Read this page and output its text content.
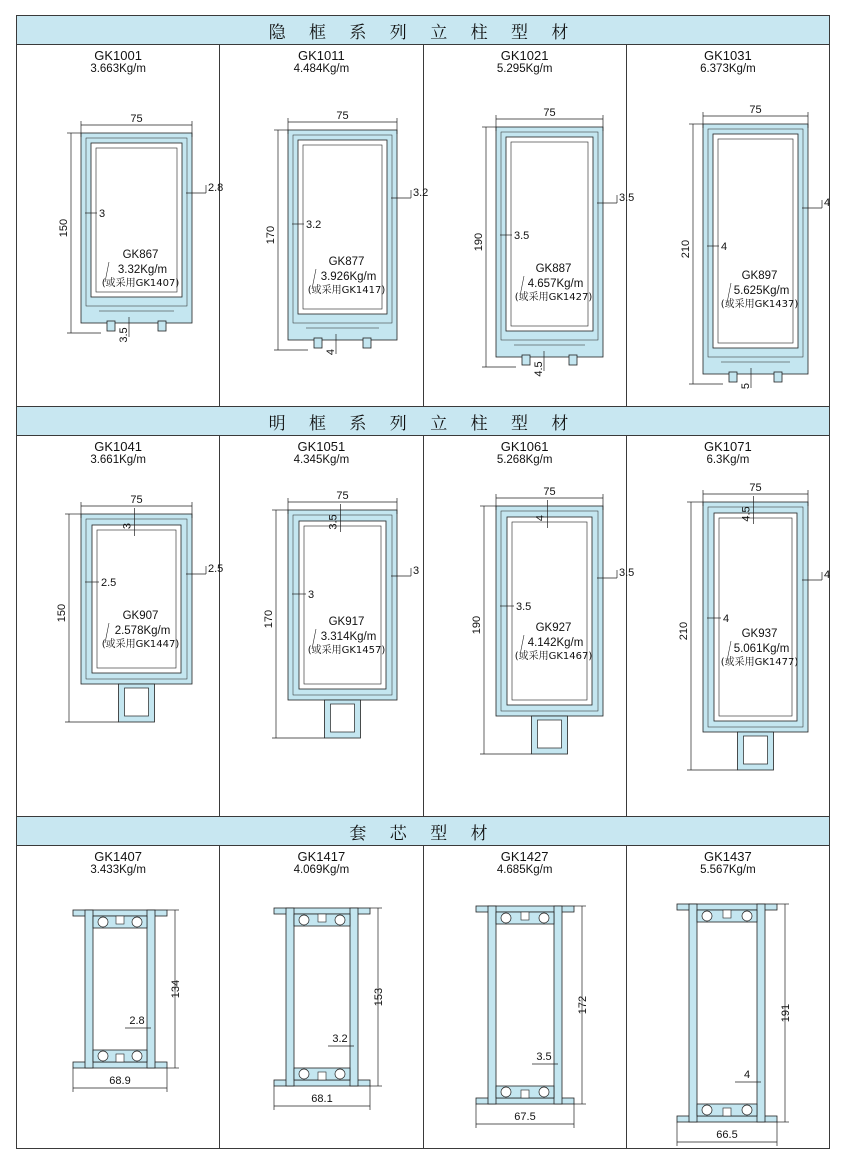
隐 框 系 列 立 柱 型 材
GK1001
3.663Kg/m
75
150
2.8
3
3.5
GK867
3.32Kg/m
(或采用GK1407)
GK1011
4.484Kg/m
75
170
3.2
3.2
4
GK877
3.926Kg/m
(或采用GK1417)
GK1021
5.295Kg/m
75
190
3.5
3.5
4.5
GK887
4.657Kg/m
(或采用GK1427)
GK1031
6.373Kg/m
75
210
4
4
5
GK897
5.625Kg/m
(或采用GK1437)
明 框 系 列 立 柱 型 材
GK1041
3.661Kg/m
75
3
150
2.5
2.5
GK907
2.578Kg/m
(或采用GK1447)
GK1051
4.345Kg/m
75
3.5
170
3
3
GK917
3.314Kg/m
(或采用GK1457)
GK1061
5.268Kg/m
75
4
190
3.5
3.5
GK927
4.142Kg/m
(或采用GK1467)
GK1071
6.3Kg/m
75
4.5
210
4
4
GK937
5.061Kg/m
(或采用GK1477)
套 芯 型 材
GK1407
3.433Kg/m
134
2.8
68.9
GK1417
4.069Kg/m
153
3.2
68.1
GK1427
4.685Kg/m
172
3.5
67.5
GK1437
5.567Kg/m
191
4
66.5
